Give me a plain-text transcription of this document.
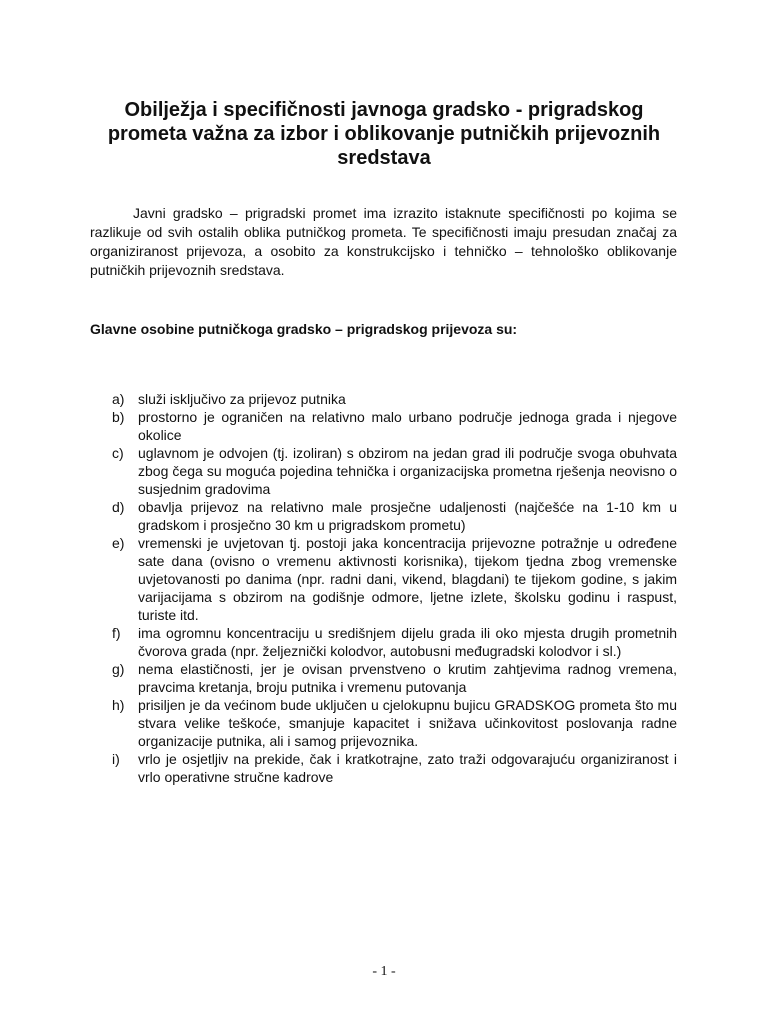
Obilježja i specifičnosti javnoga gradsko - prigradskog prometa važna za izbor i oblikovanje putničkih prijevoznih sredstava

Javni gradsko – prigradski promet ima izrazito istaknute specifičnosti po kojima se razlikuje od svih ostalih oblika putničkog prometa. Te specifičnosti imaju presudan značaj za organiziranost prijevoza, a osobito za konstrukcijsko i tehničko – tehnološko oblikovanje putničkih prijevoznih sredstava.

Glavne osobine putničkoga gradsko – prigradskog prijevoza su:

a) služi isključivo za prijevoz putnika
b) prostorno je ograničen na relativno malo urbano područje jednoga grada i njegove okolice
c) uglavnom je odvojen (tj. izoliran) s obzirom na jedan grad ili područje svoga obuhvata zbog čega su moguća pojedina tehnička i organizacijska prometna rješenja neovisno o susjednim gradovima
d) obavlja prijevoz na relativno male prosječne udaljenosti (najčešće na 1-10 km u gradskom i prosječno 30 km u prigradskom prometu)
e) vremenski je uvjetovan tj. postoji jaka koncentracija prijevozne potražnje u određene sate dana (ovisno o vremenu aktivnosti korisnika), tijekom tjedna zbog vremenske uvjetovanosti po danima (npr. radni dani, vikend, blagdani) te tijekom godine, s jakim varijacijama s obzirom na godišnje odmore, ljetne izlete, školsku godinu i raspust, turiste itd.
f) ima ogromnu koncentraciju u središnjem dijelu grada ili oko mjesta drugih prometnih čvorova grada (npr. željeznički kolodvor, autobusni međugradski kolodvor i sl.)
g) nema elastičnosti, jer je ovisan prvenstveno o krutim zahtjevima radnog vremena, pravcima kretanja, broju putnika i vremenu putovanja
h) prisiljen je da većinom bude uključen u cjelokupnu bujicu GRADSKOG prometa što mu stvara velike teškoće, smanjuje kapacitet i snižava učinkovitost poslovanja radne organizacije putnika, ali i samog prijevoznika.
i) vrlo je osjetljiv na prekide, čak i kratkotrajne, zato traži odgovarajuću organiziranost i vrlo operativne stručne kadrove
- 1 -
